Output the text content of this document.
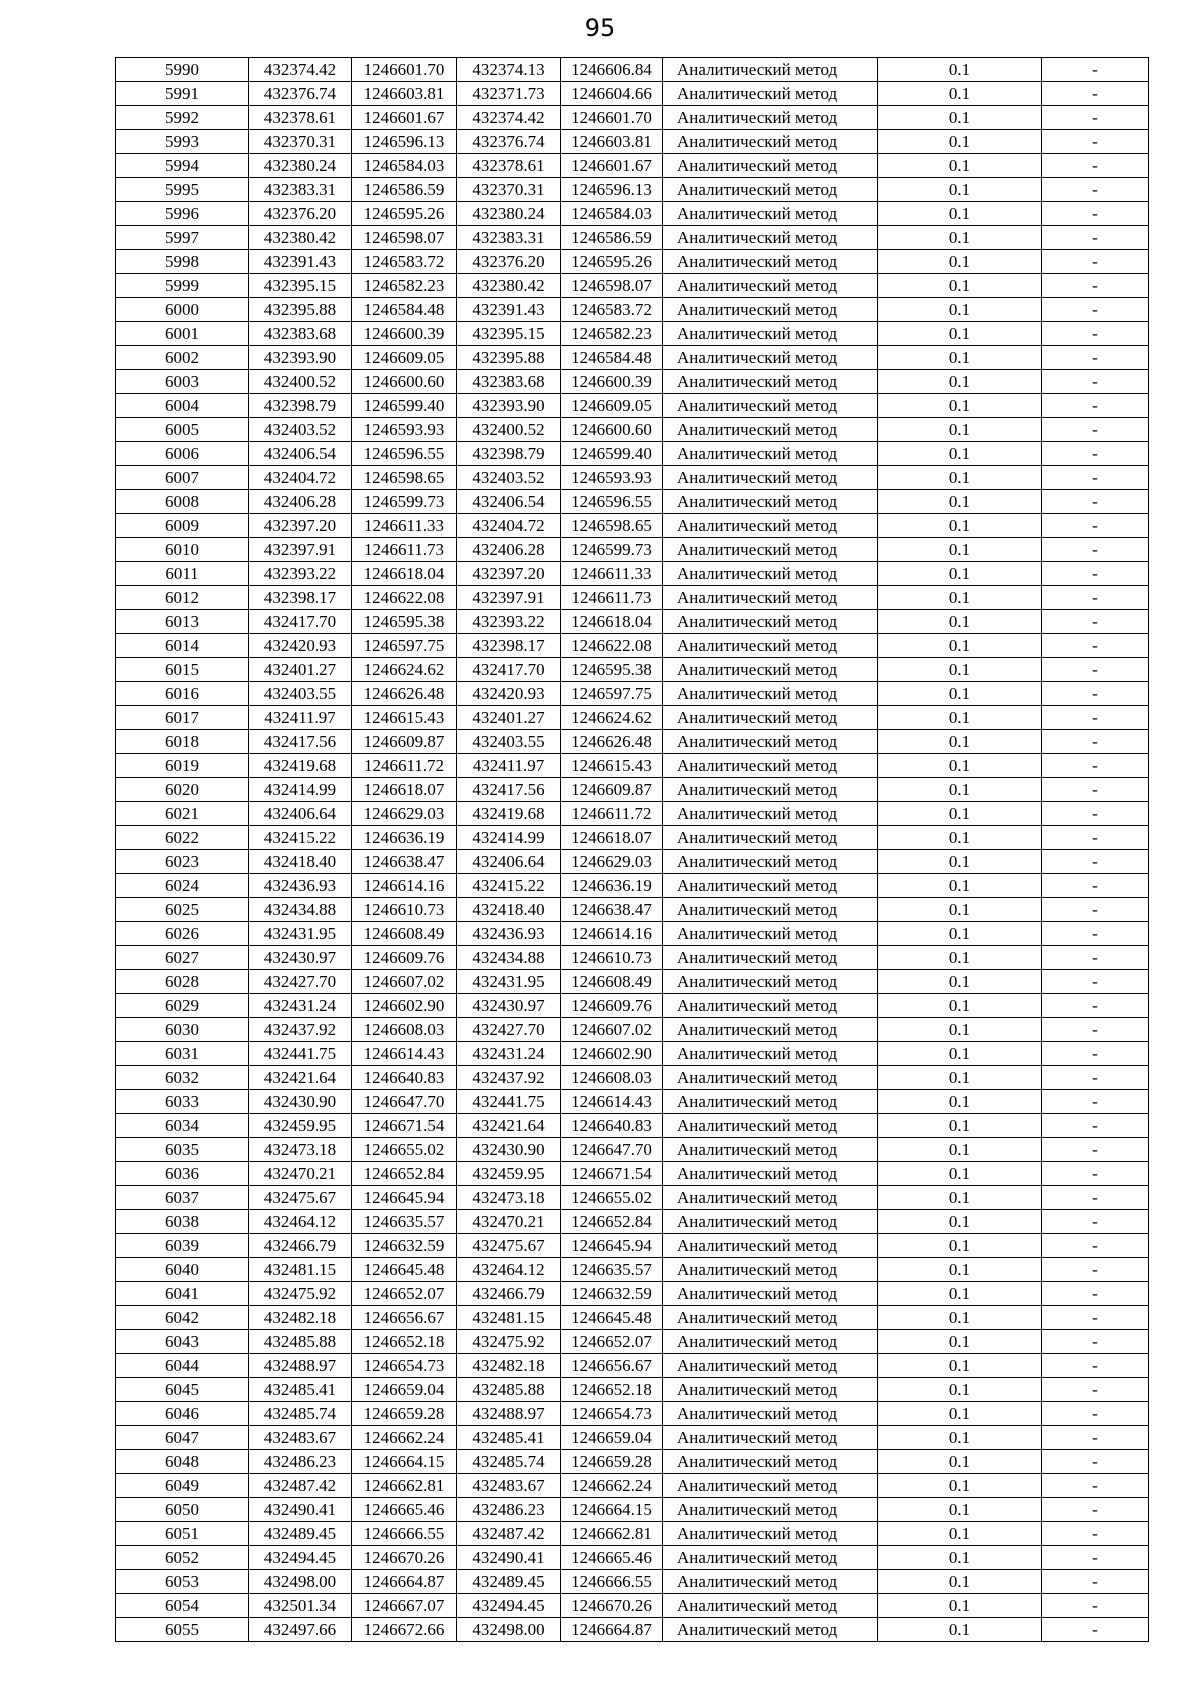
95
5990	432374.42	1246601.70	432374.13	1246606.84	Аналитический метод	0.1	-
5991	432376.74	1246603.81	432371.73	1246604.66	Аналитический метод	0.1	-
5992	432378.61	1246601.67	432374.42	1246601.70	Аналитический метод	0.1	-
5993	432370.31	1246596.13	432376.74	1246603.81	Аналитический метод	0.1	-
5994	432380.24	1246584.03	432378.61	1246601.67	Аналитический метод	0.1	-
5995	432383.31	1246586.59	432370.31	1246596.13	Аналитический метод	0.1	-
5996	432376.20	1246595.26	432380.24	1246584.03	Аналитический метод	0.1	-
5997	432380.42	1246598.07	432383.31	1246586.59	Аналитический метод	0.1	-
5998	432391.43	1246583.72	432376.20	1246595.26	Аналитический метод	0.1	-
5999	432395.15	1246582.23	432380.42	1246598.07	Аналитический метод	0.1	-
6000	432395.88	1246584.48	432391.43	1246583.72	Аналитический метод	0.1	-
6001	432383.68	1246600.39	432395.15	1246582.23	Аналитический метод	0.1	-
6002	432393.90	1246609.05	432395.88	1246584.48	Аналитический метод	0.1	-
6003	432400.52	1246600.60	432383.68	1246600.39	Аналитический метод	0.1	-
6004	432398.79	1246599.40	432393.90	1246609.05	Аналитический метод	0.1	-
6005	432403.52	1246593.93	432400.52	1246600.60	Аналитический метод	0.1	-
6006	432406.54	1246596.55	432398.79	1246599.40	Аналитический метод	0.1	-
6007	432404.72	1246598.65	432403.52	1246593.93	Аналитический метод	0.1	-
6008	432406.28	1246599.73	432406.54	1246596.55	Аналитический метод	0.1	-
6009	432397.20	1246611.33	432404.72	1246598.65	Аналитический метод	0.1	-
6010	432397.91	1246611.73	432406.28	1246599.73	Аналитический метод	0.1	-
6011	432393.22	1246618.04	432397.20	1246611.33	Аналитический метод	0.1	-
6012	432398.17	1246622.08	432397.91	1246611.73	Аналитический метод	0.1	-
6013	432417.70	1246595.38	432393.22	1246618.04	Аналитический метод	0.1	-
6014	432420.93	1246597.75	432398.17	1246622.08	Аналитический метод	0.1	-
6015	432401.27	1246624.62	432417.70	1246595.38	Аналитический метод	0.1	-
6016	432403.55	1246626.48	432420.93	1246597.75	Аналитический метод	0.1	-
6017	432411.97	1246615.43	432401.27	1246624.62	Аналитический метод	0.1	-
6018	432417.56	1246609.87	432403.55	1246626.48	Аналитический метод	0.1	-
6019	432419.68	1246611.72	432411.97	1246615.43	Аналитический метод	0.1	-
6020	432414.99	1246618.07	432417.56	1246609.87	Аналитический метод	0.1	-
6021	432406.64	1246629.03	432419.68	1246611.72	Аналитический метод	0.1	-
6022	432415.22	1246636.19	432414.99	1246618.07	Аналитический метод	0.1	-
6023	432418.40	1246638.47	432406.64	1246629.03	Аналитический метод	0.1	-
6024	432436.93	1246614.16	432415.22	1246636.19	Аналитический метод	0.1	-
6025	432434.88	1246610.73	432418.40	1246638.47	Аналитический метод	0.1	-
6026	432431.95	1246608.49	432436.93	1246614.16	Аналитический метод	0.1	-
6027	432430.97	1246609.76	432434.88	1246610.73	Аналитический метод	0.1	-
6028	432427.70	1246607.02	432431.95	1246608.49	Аналитический метод	0.1	-
6029	432431.24	1246602.90	432430.97	1246609.76	Аналитический метод	0.1	-
6030	432437.92	1246608.03	432427.70	1246607.02	Аналитический метод	0.1	-
6031	432441.75	1246614.43	432431.24	1246602.90	Аналитический метод	0.1	-
6032	432421.64	1246640.83	432437.92	1246608.03	Аналитический метод	0.1	-
6033	432430.90	1246647.70	432441.75	1246614.43	Аналитический метод	0.1	-
6034	432459.95	1246671.54	432421.64	1246640.83	Аналитический метод	0.1	-
6035	432473.18	1246655.02	432430.90	1246647.70	Аналитический метод	0.1	-
6036	432470.21	1246652.84	432459.95	1246671.54	Аналитический метод	0.1	-
6037	432475.67	1246645.94	432473.18	1246655.02	Аналитический метод	0.1	-
6038	432464.12	1246635.57	432470.21	1246652.84	Аналитический метод	0.1	-
6039	432466.79	1246632.59	432475.67	1246645.94	Аналитический метод	0.1	-
6040	432481.15	1246645.48	432464.12	1246635.57	Аналитический метод	0.1	-
6041	432475.92	1246652.07	432466.79	1246632.59	Аналитический метод	0.1	-
6042	432482.18	1246656.67	432481.15	1246645.48	Аналитический метод	0.1	-
6043	432485.88	1246652.18	432475.92	1246652.07	Аналитический метод	0.1	-
6044	432488.97	1246654.73	432482.18	1246656.67	Аналитический метод	0.1	-
6045	432485.41	1246659.04	432485.88	1246652.18	Аналитический метод	0.1	-
6046	432485.74	1246659.28	432488.97	1246654.73	Аналитический метод	0.1	-
6047	432483.67	1246662.24	432485.41	1246659.04	Аналитический метод	0.1	-
6048	432486.23	1246664.15	432485.74	1246659.28	Аналитический метод	0.1	-
6049	432487.42	1246662.81	432483.67	1246662.24	Аналитический метод	0.1	-
6050	432490.41	1246665.46	432486.23	1246664.15	Аналитический метод	0.1	-
6051	432489.45	1246666.55	432487.42	1246662.81	Аналитический метод	0.1	-
6052	432494.45	1246670.26	432490.41	1246665.46	Аналитический метод	0.1	-
6053	432498.00	1246664.87	432489.45	1246666.55	Аналитический метод	0.1	-
6054	432501.34	1246667.07	432494.45	1246670.26	Аналитический метод	0.1	-
6055	432497.66	1246672.66	432498.00	1246664.87	Аналитический метод	0.1	-
